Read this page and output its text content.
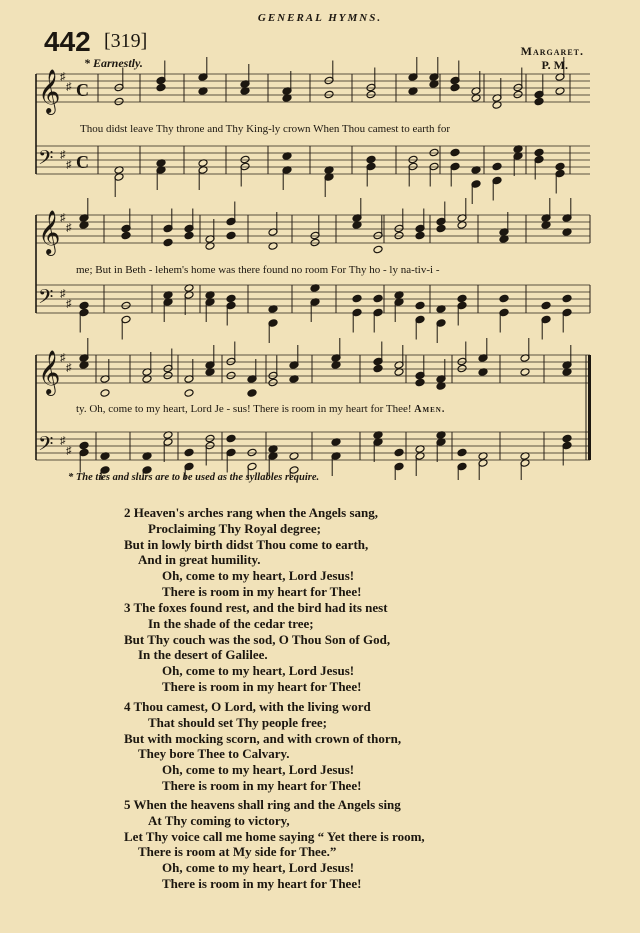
GENERAL HYMNS.
442 [319]	Margaret.
P. M.
* Earnestly.
𝄞 ♯
♯ C
𝄢 ♯
♯ C
𝄞 ♯
♯
𝄢 ♯
♯
𝄞 ♯
♯
𝄢 ♯
♯
Thou didst leave Thy throne and Thy King-ly crown When Thou camest to earth for
me; But in Beth - lehem's home was there found no room For Thy ho - ly na-tiv-i -
ty. Oh, come to my heart, Lord Je - sus! There is room in my heart for Thee! Amen.
* The ties and slurs are to be used as the syllables require.
2 Heaven's arches rang when the Angels sang,
Proclaiming Thy Royal degree;
But in lowly birth didst Thou come to earth,
And in great humility.
Oh, come to my heart, Lord Jesus!
There is room in my heart for Thee!
3 The foxes found rest, and the bird had its nest
In the shade of the cedar tree;
But Thy couch was the sod, O Thou Son of God,
In the desert of Galilee.
Oh, come to my heart, Lord Jesus!
There is room in my heart for Thee!
4 Thou camest, O Lord, with the living word
That should set Thy people free;
But with mocking scorn, and with crown of thorn,
They bore Thee to Calvary.
Oh, come to my heart, Lord Jesus!
There is room in my heart for Thee!
5 When the heavens shall ring and the Angels sing
At Thy coming to victory,
Let Thy voice call me home saying “ Yet there is room,
There is room at My side for Thee.”
Oh, come to my heart, Lord Jesus!
There is room in my heart for Thee!
